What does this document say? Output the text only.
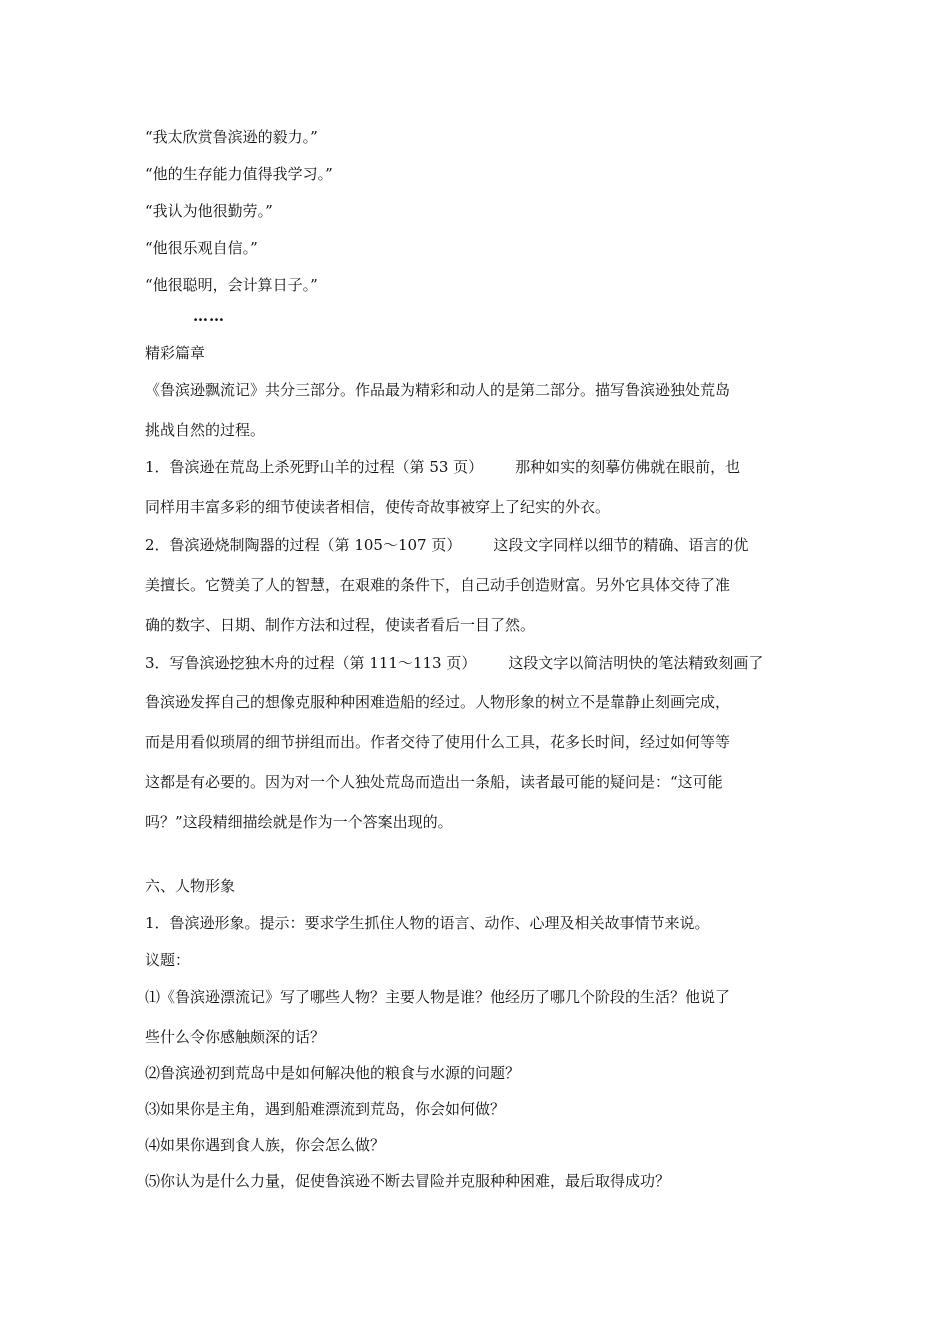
“我太欣赏鲁滨逊的毅力。”
“他的生存能力值得我学习。”
“我认为他很勤劳。”
“他很乐观自信。”
“他很聪明，会计算日子。”
……
精彩篇章
《鲁滨逊飘流记》共分三部分。作品最为精彩和动人的是第二部分。描写鲁滨逊独处荒岛
挑战自然的过程。
1．鲁滨逊在荒岛上杀死野山羊的过程（第 53 页） 那种如实的刻摹仿佛就在眼前，也
同样用丰富多彩的细节使读者相信，使传奇故事被穿上了纪实的外衣。
2．鲁滨逊烧制陶器的过程（第 105～107 页） 这段文字同样以细节的精确、语言的优
美擅长。它赞美了人的智慧，在艰难的条件下，自己动手创造财富。另外它具体交待了准
确的数字、日期、制作方法和过程，使读者看后一目了然。
3．写鲁滨逊挖独木舟的过程（第 111～113 页） 这段文字以简洁明快的笔法精致刻画了
鲁滨逊发挥自己的想像克服种种困难造船的经过。人物形象的树立不是靠静止刻画完成，
而是用看似琐屑的细节拼组而出。作者交待了使用什么工具，花多长时间，经过如何等等
这都是有必要的。因为对一个人独处荒岛而造出一条船，读者最可能的疑问是：“这可能
吗？”这段精细描绘就是作为一个答案出现的。
六、人物形象
1．鲁滨逊形象。提示：要求学生抓住人物的语言、动作、心理及相关故事情节来说。
议题：
⑴《鲁滨逊漂流记》写了哪些人物？主要人物是谁？他经历了哪几个阶段的生活？他说了
些什么令你感触颇深的话？
⑵鲁滨逊初到荒岛中是如何解决他的粮食与水源的问题？
⑶如果你是主角，遇到船难漂流到荒岛，你会如何做？
⑷如果你遇到食人族，你会怎么做？
⑸你认为是什么力量，促使鲁滨逊不断去冒险并克服种种困难，最后取得成功？
